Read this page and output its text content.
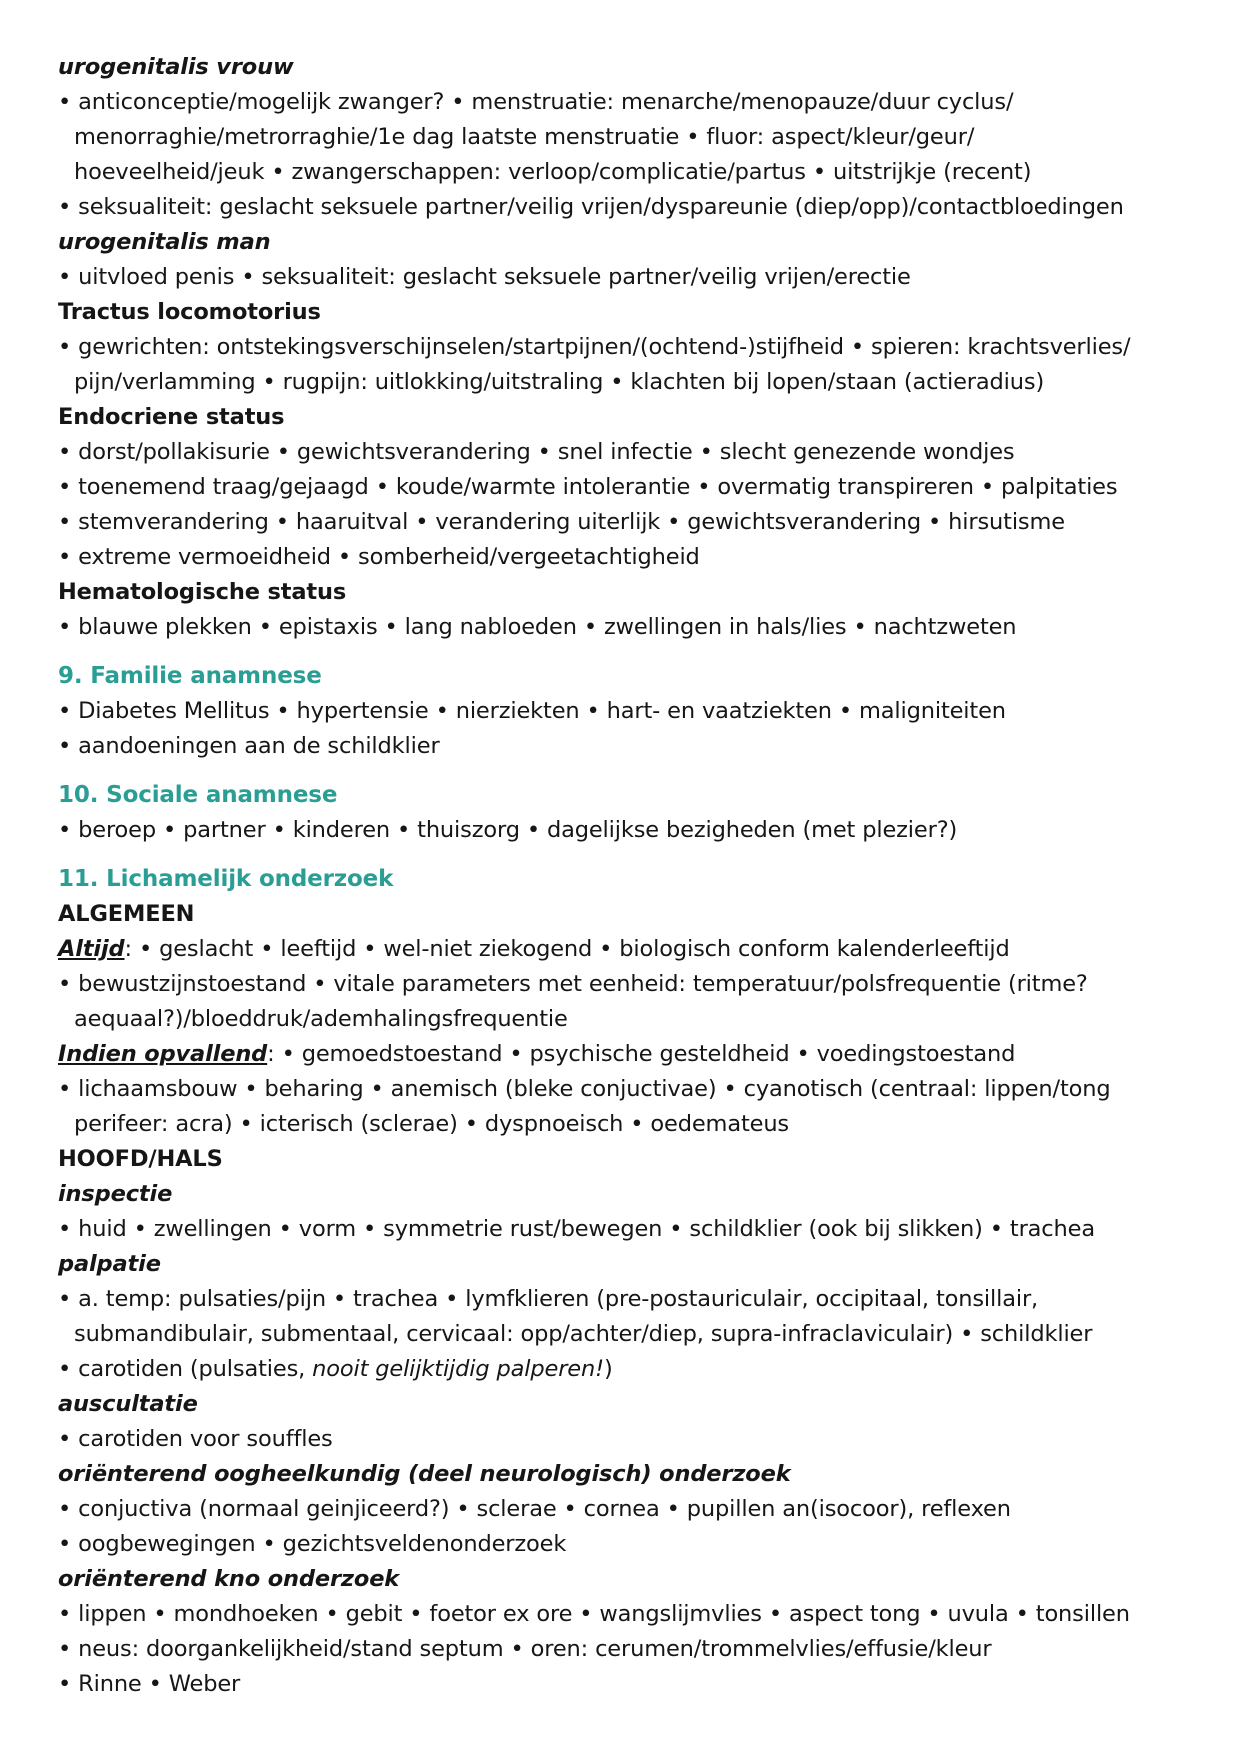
urogenitalis vrouw
• anticonceptie/mogelijk zwanger? • menstruatie: menarche/menopauze/duur cyclus/
menorraghie/metrorraghie/1e dag laatste menstruatie • fluor: aspect/kleur/geur/
hoeveelheid/jeuk • zwangerschappen: verloop/complicatie/partus • uitstrijkje (recent)
• seksualiteit: geslacht seksuele partner/veilig vrijen/dyspareunie (diep/opp)/contactbloedingen
urogenitalis man
• uitvloed penis • seksualiteit: geslacht seksuele partner/veilig vrijen/erectie
Tractus locomotorius
• gewrichten: ontstekingsverschijnselen/startpijnen/(ochtend-)stijfheid • spieren: krachtsverlies/
pijn/verlamming • rugpijn: uitlokking/uitstraling • klachten bij lopen/staan (actieradius)
Endocriene status
• dorst/pollakisurie • gewichtsverandering • snel infectie • slecht genezende wondjes
• toenemend traag/gejaagd • koude/warmte intolerantie • overmatig transpireren • palpitaties
• stemverandering • haaruitval • verandering uiterlijk • gewichtsverandering • hirsutisme
• extreme vermoeidheid • somberheid/vergeetachtigheid
Hematologische status
• blauwe plekken • epistaxis • lang nabloeden • zwellingen in hals/lies • nachtzweten
9. Familie anamnese
• Diabetes Mellitus • hypertensie • nierziekten • hart- en vaatziekten • maligniteiten
• aandoeningen aan de schildklier
10. Sociale anamnese
• beroep • partner • kinderen • thuiszorg • dagelijkse bezigheden (met plezier?)
11. Lichamelijk onderzoek
ALGEMEEN
Altijd: • geslacht • leeftijd • wel-niet ziekogend • biologisch conform kalenderleeftijd
• bewustzijnstoestand • vitale parameters met eenheid: temperatuur/polsfrequentie (ritme?
aequaal?)/bloeddruk/ademhalingsfrequentie
Indien opvallend: • gemoedstoestand • psychische gesteldheid • voedingstoestand
• lichaamsbouw • beharing • anemisch (bleke conjuctivae) • cyanotisch (centraal: lippen/tong
perifeer: acra) • icterisch (sclerae) • dyspnoeisch • oedemateus
HOOFD/HALS
inspectie
• huid • zwellingen • vorm • symmetrie rust/bewegen • schildklier (ook bij slikken) • trachea
palpatie
• a. temp: pulsaties/pijn • trachea • lymfklieren (pre-postauriculair, occipitaal, tonsillair,
submandibulair, submentaal, cervicaal: opp/achter/diep, supra-infraclaviculair) • schildklier
• carotiden (pulsaties, nooit gelijktijdig palperen!)
auscultatie
• carotiden voor souffles
oriënterend oogheelkundig (deel neurologisch) onderzoek
• conjuctiva (normaal geinjiceerd?) • sclerae • cornea • pupillen an(isocoor), reflexen
• oogbewegingen • gezichtsveldenonderzoek
oriënterend kno onderzoek
• lippen • mondhoeken • gebit • foetor ex ore • wangslijmvlies • aspect tong • uvula • tonsillen
• neus: doorgankelijkheid/stand septum • oren: cerumen/trommelvlies/effusie/kleur
• Rinne • Weber
